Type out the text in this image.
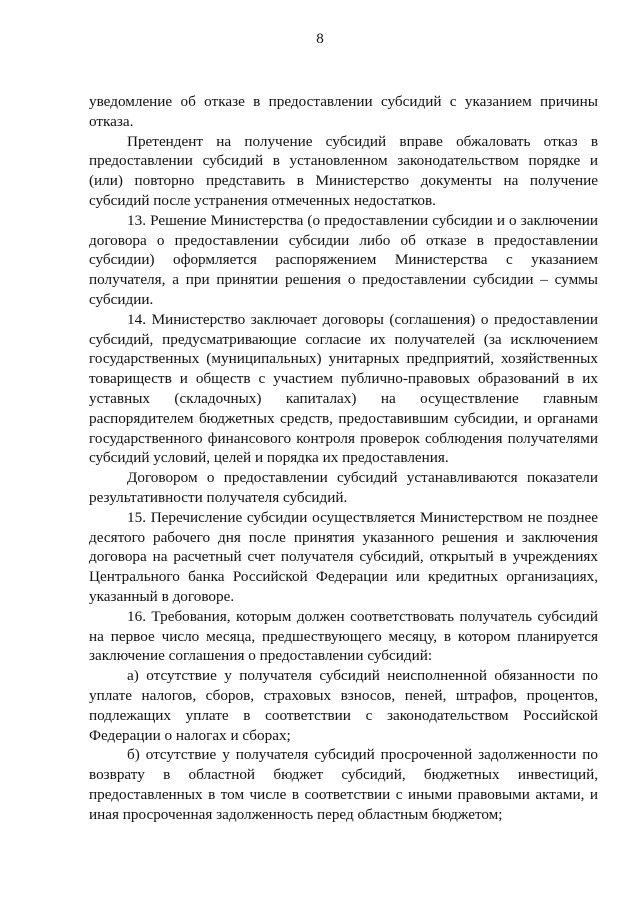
8

уведомление об отказе в предоставлении субсидий с указанием причины отказа.

Претендент на получение субсидий вправе обжаловать отказ в предоставлении субсидий в установленном законодательством порядке и (или) повторно представить в Министерство документы на получение субсидий после устранения отмеченных недостатков.

13. Решение Министерства (о предоставлении субсидии и о заключении договора о предоставлении субсидии либо об отказе в предоставлении субсидии) оформляется распоряжением Министерства с указанием получателя, а при принятии решения о предоставлении субсидии – суммы субсидии.

14. Министерство заключает договоры (соглашения) о предоставлении субсидий, предусматривающие согласие их получателей (за исключением государственных (муниципальных) унитарных предприятий, хозяйственных товариществ и обществ с участием публично-правовых образований в их уставных (складочных) капиталах) на осуществление главным распорядителем бюджетных средств, предоставившим субсидии, и органами государственного финансового контроля проверок соблюдения получателями субсидий условий, целей и порядка их предоставления.

Договором о предоставлении субсидий устанавливаются показатели результативности получателя субсидий.

15. Перечисление субсидии осуществляется Министерством не позднее десятого рабочего дня после принятия указанного решения и заключения договора на расчетный счет получателя субсидий, открытый в учреждениях Центрального банка Российской Федерации или кредитных организациях, указанный в договоре.

16. Требования, которым должен соответствовать получатель субсидий на первое число месяца, предшествующего месяцу, в котором планируется заключение соглашения о предоставлении субсидий:

а) отсутствие у получателя субсидий неисполненной обязанности по уплате налогов, сборов, страховых взносов, пеней, штрафов, процентов, подлежащих уплате в соответствии с законодательством Российской Федерации о налогах и сборах;

б) отсутствие у получателя субсидий просроченной задолженности по возврату в областной бюджет субсидий, бюджетных инвестиций, предоставленных в том числе в соответствии с иными правовыми актами, и иная просроченная задолженность перед областным бюджетом;
